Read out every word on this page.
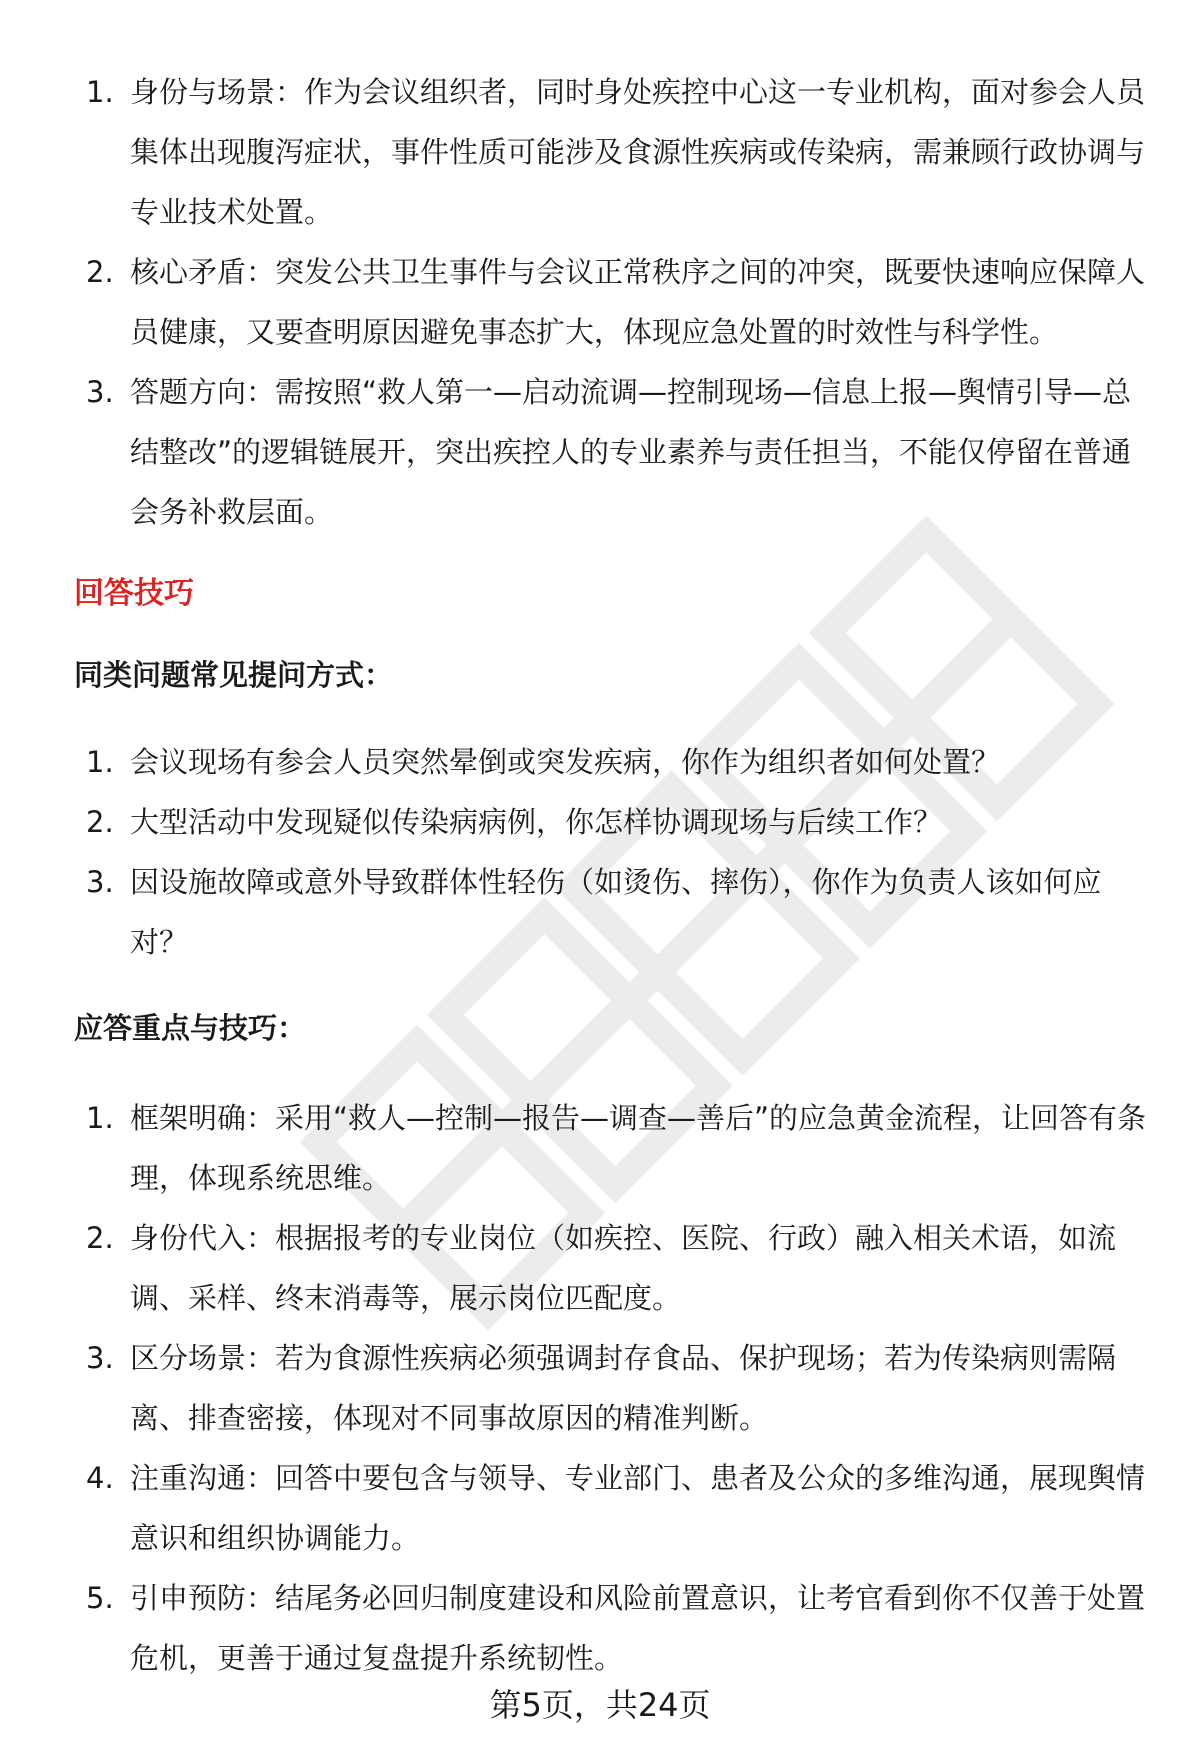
1. 身份与场景：作为会议组织者，同时身处疾控中心这一专业机构，面对参会人员集体出现腹泻症状，事件性质可能涉及食源性疾病或传染病，需兼顾行政协调与专业技术处置。
2. 核心矛盾：突发公共卫生事件与会议正常秩序之间的冲突，既要快速响应保障人员健康，又要查明原因避免事态扩大，体现应急处置的时效性与科学性。
3. 答题方向：需按照“救人第一—启动流调—控制现场—信息上报—舆情引导—总结整改”的逻辑链展开，突出疾控人的专业素养与责任担当，不能仅停留在普通会务补救层面。
回答技巧
同类问题常见提问方式：
1. 会议现场有参会人员突然晕倒或突发疾病，你作为组织者如何处置？
2. 大型活动中发现疑似传染病病例，你怎样协调现场与后续工作？
3. 因设施故障或意外导致群体性轻伤（如烫伤、摔伤），你作为负责人该如何应对？
应答重点与技巧：
1. 框架明确：采用“救人—控制—报告—调查—善后”的应急黄金流程，让回答有条理，体现系统思维。
2. 身份代入：根据报考的专业岗位（如疾控、医院、行政）融入相关术语，如流调、采样、终末消毒等，展示岗位匹配度。
3. 区分场景：若为食源性疾病必须强调封存食品、保护现场；若为传染病则需隔离、排查密接，体现对不同事故原因的精准判断。
4. 注重沟通：回答中要包含与领导、专业部门、患者及公众的多维沟通，展现舆情意识和组织协调能力。
5. 引申预防：结尾务必回归制度建设和风险前置意识，让考官看到你不仅善于处置危机，更善于通过复盘提升系统韧性。
第5页，共24页
